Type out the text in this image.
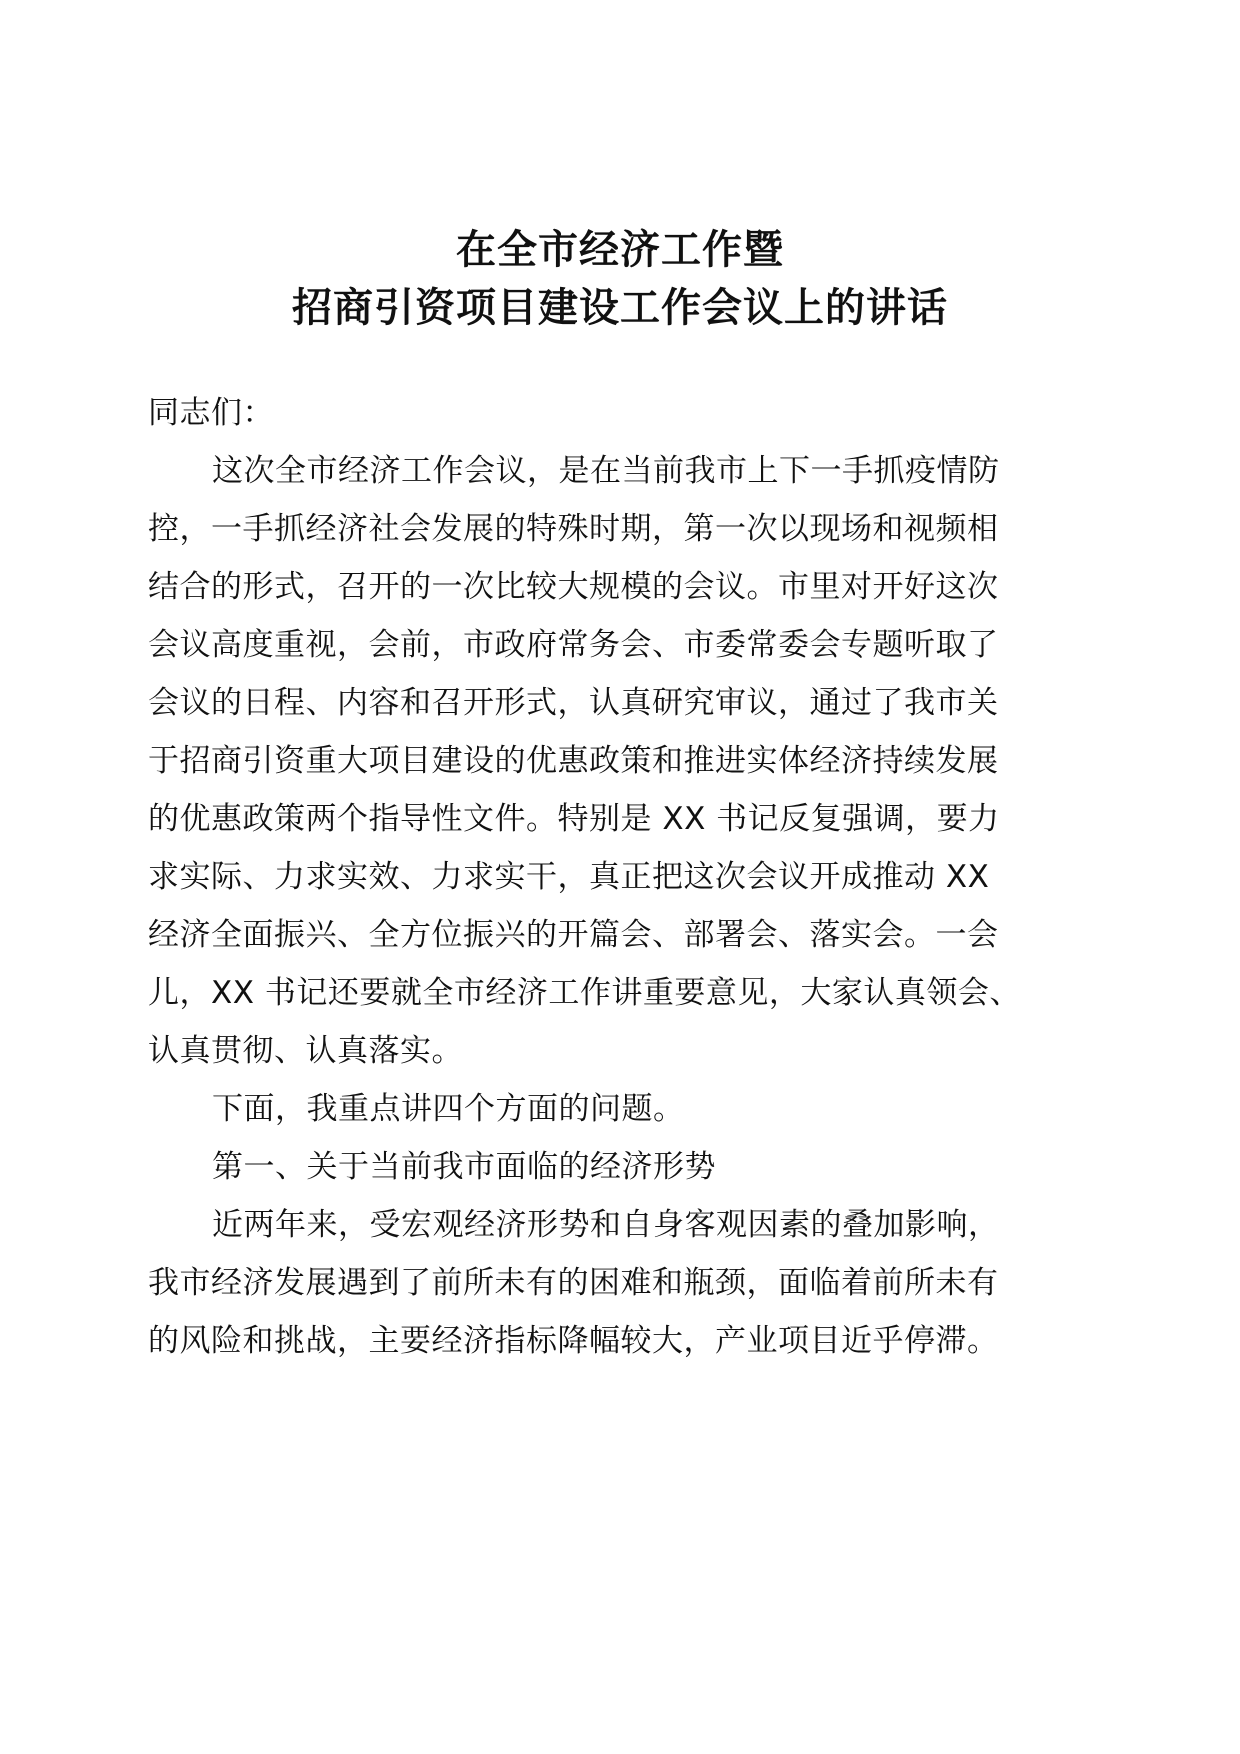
在全市经济工作暨
招商引资项目建设工作会议上的讲话
同志们：
这次全市经济工作会议，是在当前我市上下一手抓疫情防
控，一手抓经济社会发展的特殊时期，第一次以现场和视频相
结合的形式，召开的一次比较大规模的会议。市里对开好这次
会议高度重视，会前，市政府常务会、市委常委会专题听取了
会议的日程、内容和召开形式，认真研究审议，通过了我市关
于招商引资重大项目建设的优惠政策和推进实体经济持续发展
的优惠政策两个指导性文件。特别是 XX 书记反复强调，要力
求实际、力求实效、力求实干，真正把这次会议开成推动 XX
经济全面振兴、全方位振兴的开篇会、部署会、落实会。一会
儿，XX 书记还要就全市经济工作讲重要意见，大家认真领会、
认真贯彻、认真落实。
下面，我重点讲四个方面的问题。
第一、关于当前我市面临的经济形势
近两年来，受宏观经济形势和自身客观因素的叠加影响，
我市经济发展遇到了前所未有的困难和瓶颈，面临着前所未有
的风险和挑战，主要经济指标降幅较大，产业项目近乎停滞。
